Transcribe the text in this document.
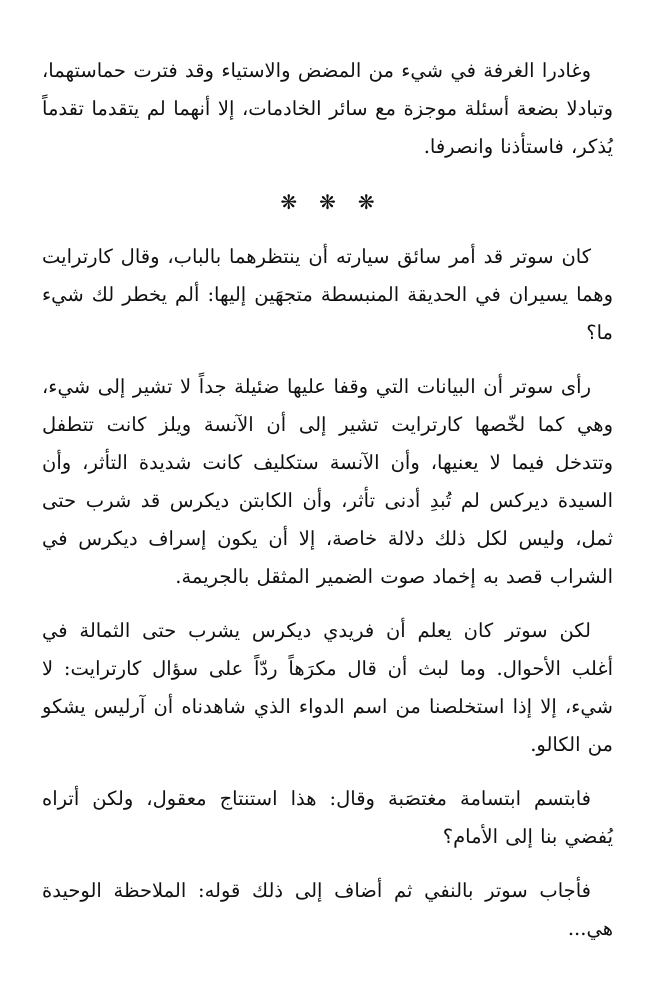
وغادرا الغرفة في شيء من المضض والاستياء وقد فترت حماستهما، وتبادلا بضعة أسئلة موجزة مع سائر الخادمات، إلا أنهما لم يتقدما تقدماً يُذكر، فاستأذنا وانصرفا.

❋ ❋ ❋

كان سوتر قد أمر سائق سيارته أن ينتظرهما بالباب، وقال كارترايت وهما يسيران في الحديقة المنبسطة متجهَين إليها: ألم يخطر لك شيء ما؟

رأى سوتر أن البيانات التي وقفا عليها ضئيلة جداً لا تشير إلى شيء، وهي كما لخّصها كارترايت تشير إلى أن الآنسة ويلز كانت تتطفل وتتدخل فيما لا يعنيها، وأن الآنسة ستكليف كانت شديدة التأثر، وأن السيدة ديركس لم تُبدِ أدنى تأثر، وأن الكابتن ديكرس قد شرب حتى ثمل، وليس لكل ذلك دلالة خاصة، إلا أن يكون إسراف ديكرس في الشراب قصد به إخماد صوت الضمير المثقل بالجريمة.

لكن سوتر كان يعلم أن فريدي ديكرس يشرب حتى الثمالة في أغلب الأحوال. وما لبث أن قال مكرَهاً ردّاً على سؤال كارترايت: لا شيء، إلا إذا استخلصنا من اسم الدواء الذي شاهدناه أن آرليس يشكو من الكالو.

فابتسم ابتسامة مغتصَبة وقال: هذا استنتاج معقول، ولكن أتراه يُفضي بنا إلى الأمام؟

فأجاب سوتر بالنفي ثم أضاف إلى ذلك قوله: الملاحظة الوحيدة هي...
